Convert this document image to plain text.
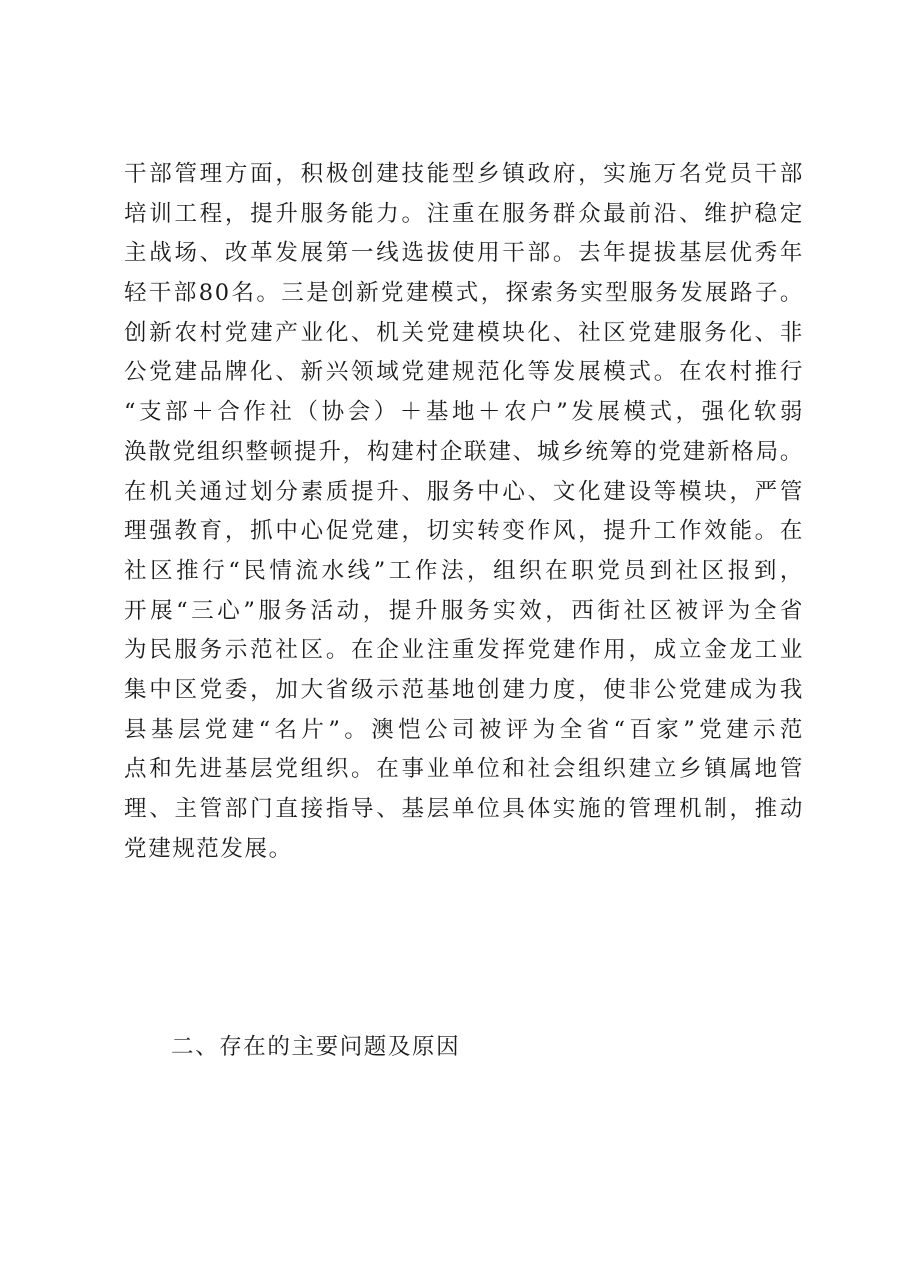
干部管理方面，积极创建技能型乡镇政府，实施万名党员干部
培训工程，提升服务能力。注重在服务群众最前沿、维护稳定
主战场、改革发展第一线选拔使用干部。去年提拔基层优秀年
轻干部80名。三是创新党建模式，探索务实型服务发展路子。
创新农村党建产业化、机关党建模块化、社区党建服务化、非
公党建品牌化、新兴领域党建规范化等发展模式。在农村推行
“支部＋合作社（协会）＋基地＋农户”发展模式，强化软弱
涣散党组织整顿提升，构建村企联建、城乡统筹的党建新格局。
在机关通过划分素质提升、服务中心、文化建设等模块，严管
理强教育，抓中心促党建，切实转变作风，提升工作效能。在
社区推行“民情流水线”工作法，组织在职党员到社区报到，
开展“三心”服务活动，提升服务实效，西街社区被评为全省
为民服务示范社区。在企业注重发挥党建作用，成立金龙工业
集中区党委，加大省级示范基地创建力度，使非公党建成为我
县基层党建“名片”。澳恺公司被评为全省“百家”党建示范
点和先进基层党组织。在事业单位和社会组织建立乡镇属地管
理、主管部门直接指导、基层单位具体实施的管理机制，推动
党建规范发展。
二、存在的主要问题及原因
